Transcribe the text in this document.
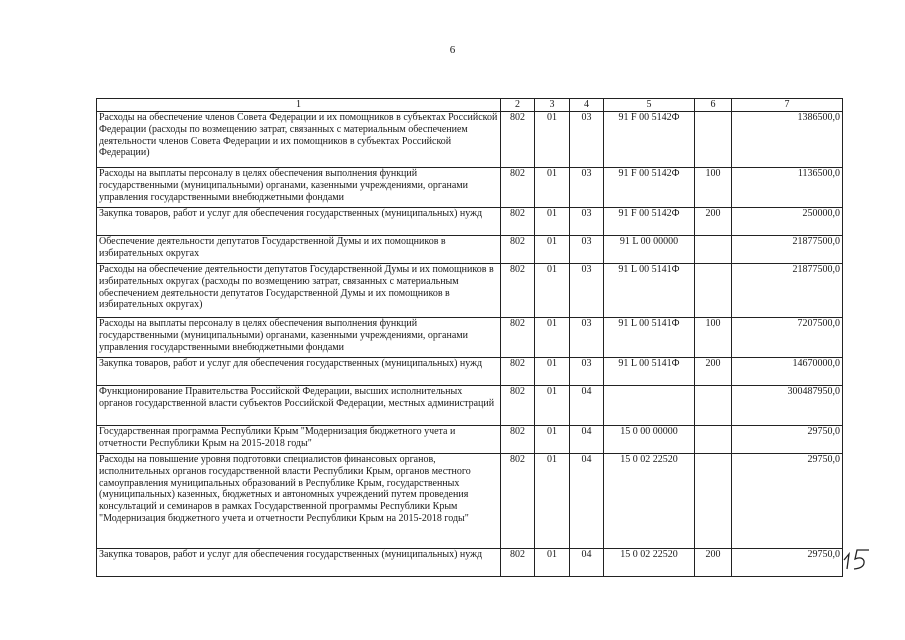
6
1	2	3	4	5	6	7
Расходы на обеспечение членов Совета Федерации и их помощников в субъектах Российской Федерации (расходы по возмещению затрат, связанных с материальным обеспечением деятельности членов Совета Федерации и их помощников в субъектах Российской Федерации)	802	01	03	91 F 00 5142Ф		1386500,0
Расходы на выплаты персоналу в целях обеспечения выполнения функций государственными (муниципальными) органами, казенными учреждениями, органами управления государственными внебюджетными фондами	802	01	03	91 F 00 5142Ф	100	1136500,0
Закупка товаров, работ и услуг для обеспечения государственных (муниципальных) нужд	802	01	03	91 F 00 5142Ф	200	250000,0
Обеспечение деятельности депутатов Государственной Думы и их помощников в избирательных округах	802	01	03	91 L 00 00000		21877500,0
Расходы на обеспечение деятельности депутатов Государственной Думы и их помощников в избирательных округах (расходы по возмещению затрат, связанных с материальным обеспечением деятельности депутатов Государственной Думы и их помощников в избирательных округах)	802	01	03	91 L 00 5141Ф		21877500,0
Расходы на выплаты персоналу в целях обеспечения выполнения функций государственными (муниципальными) органами, казенными учреждениями, органами управления государственными внебюджетными фондами	802	01	03	91 L 00 5141Ф	100	7207500,0
Закупка товаров, работ и услуг для обеспечения государственных (муниципальных) нужд	802	01	03	91 L 00 5141Ф	200	14670000,0
Функционирование Правительства Российской Федерации, высших исполнительных органов государственной власти субъектов Российской Федерации, местных администраций	802	01	04			300487950,0
Государственная программа Республики Крым "Модернизация бюджетного учета и отчетности Республики Крым на 2015-2018 годы"	802	01	04	15 0 00 00000		29750,0
Расходы на повышение уровня подготовки специалистов финансовых органов, исполнительных органов государственной власти Республики Крым, органов местного самоуправления муниципальных образований в Республике Крым, государственных (муниципальных) казенных, бюджетных и автономных учреждений путем проведения консультаций и семинаров в рамках Государственной программы Республики Крым "Модернизация бюджетного учета и отчетности Республики Крым на 2015-2018 годы"	802	01	04	15 0 02 22520		29750,0
Закупка товаров, работ и услуг для обеспечения государственных (муниципальных) нужд	802	01	04	15 0 02 22520	200	29750,0
